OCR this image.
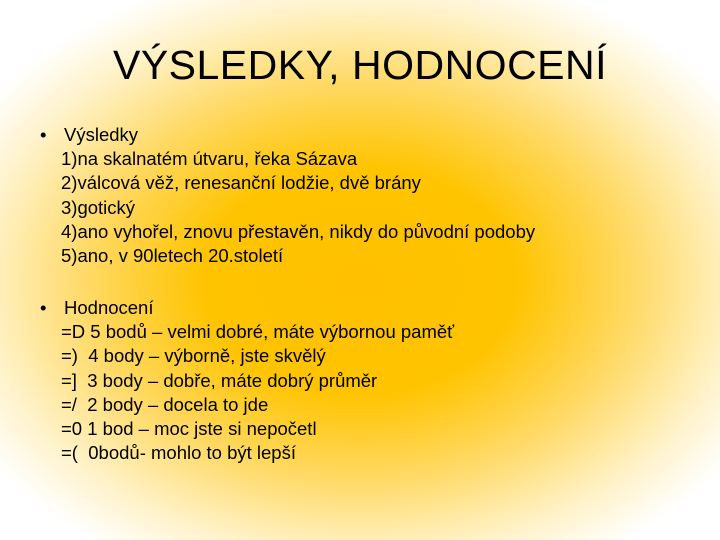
VÝSLEDKY, HODNOCENÍ
• Výsledky
1)na skalnatém útvaru, řeka Sázava
2)válcová věž, renesanční lodžie, dvě brány
3)gotický
4)ano vyhořel, znovu přestavěn, nikdy do původní podoby
5)ano, v 90letech 20.století
• Hodnocení
=D 5 bodů – velmi dobré, máte výbornou paměť
=)  4 body – výborně, jste skvělý
=]  3 body – dobře, máte dobrý průměr
=/  2 body – docela to jde
=0 1 bod – moc jste si nepočetl
=(  0bodů- mohlo to být lepší
